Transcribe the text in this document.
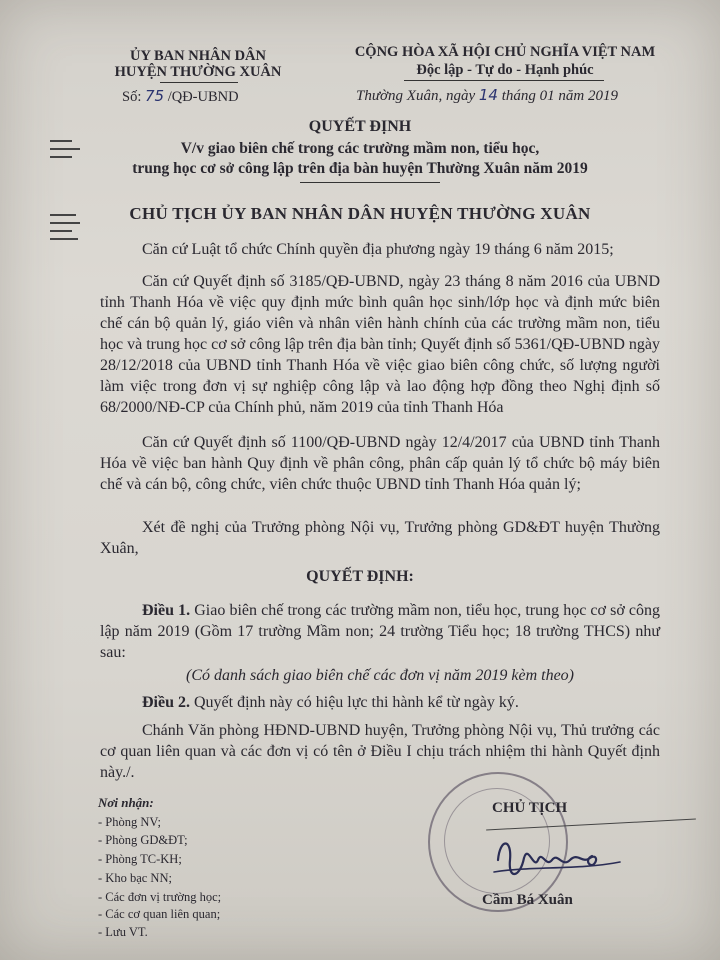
ỦY BAN NHÂN DÂN
HUYỆN THƯỜNG XUÂN
Số: 75 /QĐ-UBND
CỘNG HÒA XÃ HỘI CHỦ NGHĨA VIỆT NAM
Độc lập - Tự do - Hạnh phúc
Thường Xuân, ngày 14 tháng 01 năm 2019
QUYẾT ĐỊNH
V/v giao biên chế trong các trường mầm non, tiểu học,
trung học cơ sở công lập trên địa bàn huyện Thường Xuân năm 2019
CHỦ TỊCH ỦY BAN NHÂN DÂN HUYỆN THƯỜNG XUÂN
Căn cứ Luật tổ chức Chính quyền địa phương ngày 19 tháng 6 năm 2015;
Căn cứ Quyết định số 3185/QĐ-UBND, ngày 23 tháng 8 năm 2016 của UBND tỉnh Thanh Hóa về việc quy định mức bình quân học sinh/lớp học và định mức biên chế cán bộ quản lý, giáo viên và nhân viên hành chính của các trường mầm non, tiểu học và trung học cơ sở công lập trên địa bàn tỉnh; Quyết định số 5361/QĐ-UBND ngày 28/12/2018 của UBND tỉnh Thanh Hóa về việc giao biên công chức, số lượng người làm việc trong đơn vị sự nghiệp công lập và lao động hợp đồng theo Nghị định số 68/2000/NĐ-CP của Chính phủ, năm 2019 của tỉnh Thanh Hóa
Căn cứ Quyết định số 1100/QĐ-UBND ngày 12/4/2017 của UBND tỉnh Thanh Hóa về việc ban hành Quy định về phân công, phân cấp quản lý tổ chức bộ máy biên chế và cán bộ, công chức, viên chức thuộc UBND tỉnh Thanh Hóa quản lý;
Xét đề nghị của Trưởng phòng Nội vụ, Trưởng phòng GD&ĐT huyện Thường Xuân,
QUYẾT ĐỊNH:
Điều 1. Giao biên chế trong các trường mầm non, tiểu học, trung học cơ sở công lập năm 2019 (Gồm 17 trường Mầm non; 24 trường Tiểu học; 18 trường THCS) như sau:
(Có danh sách giao biên chế các đơn vị năm 2019 kèm theo)
Điều 2. Quyết định này có hiệu lực thi hành kể từ ngày ký.
Chánh Văn phòng HĐND-UBND huyện, Trưởng phòng Nội vụ, Thủ trưởng các cơ quan liên quan và các đơn vị có tên ở Điều I chịu trách nhiệm thi hành Quyết định này./.
Nơi nhận:
- Phòng NV;
- Phòng GD&ĐT;
- Phòng TC-KH;
- Kho bạc NN;
- Các đơn vị trường học;
- Các cơ quan liên quan;
- Lưu VT.
CHỦ TỊCH
Cầm Bá Xuân
